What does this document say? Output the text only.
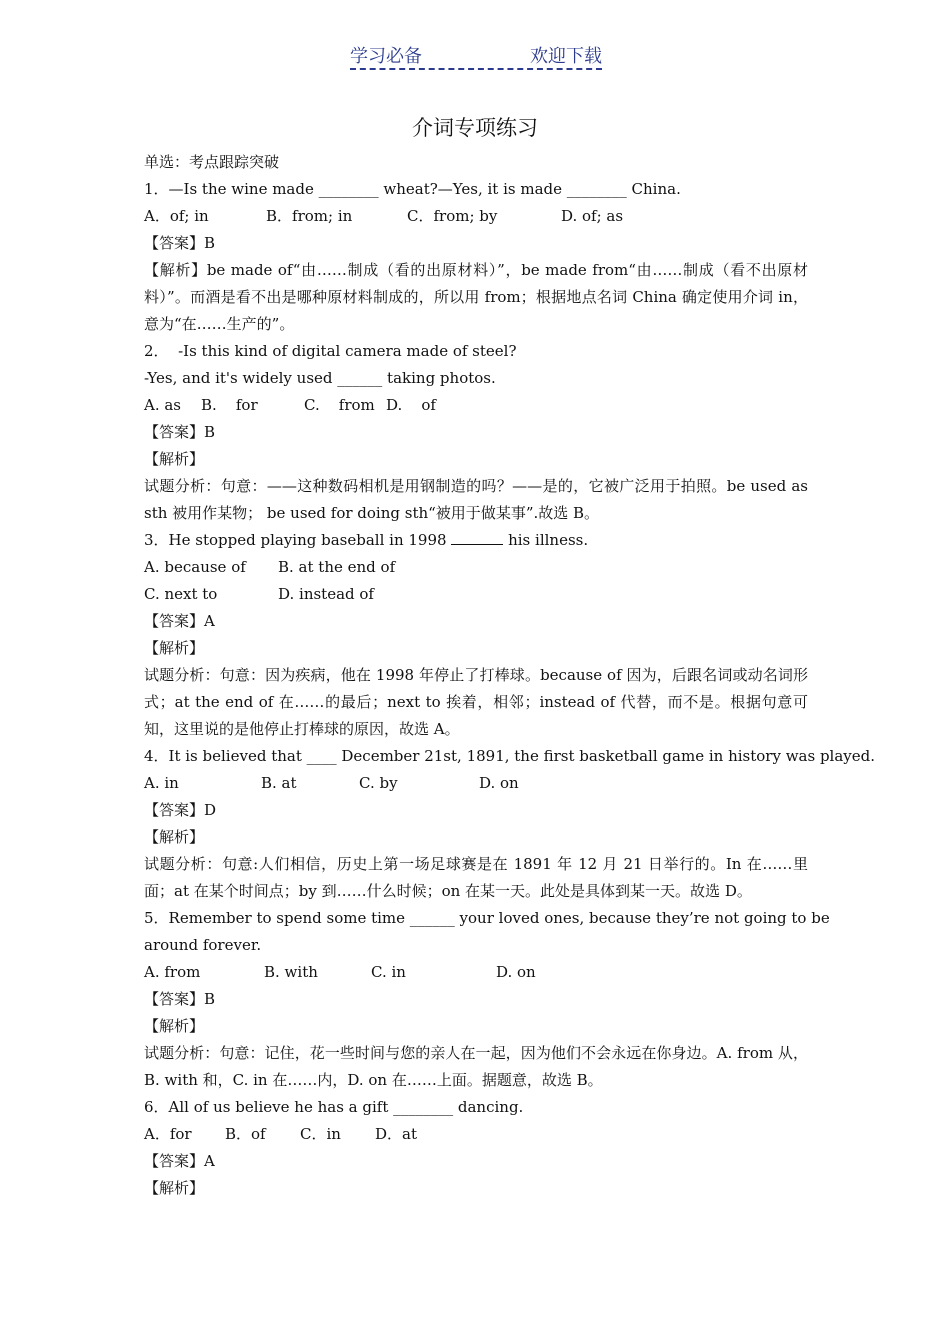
学习必备	欢迎下载
介词专项练习
单选：考点跟踪突破
1．—Is the wine made ________ wheat?—Yes, it is made ________ China.
A．of; in	B．from; in	C．from; by	D. of; as
【答案】B
【解析】be made of“由……制成（看的出原材料）”，be made from“由……制成（看不出原材料）”。而酒是看不出是哪种原材料制成的，所以用 from；根据地点名词 China 确定使用介词 in，意为“在……生产的”。
2．  -Is this kind of digital camera made of steel?
-Yes, and it's widely used ______ taking photos.
A. as	B.    for	C.    from D.    of
【答案】B
【解析】
试题分析：句意：——这种数码相机是用钢制造的吗？——是的，它被广泛用于拍照。be used as sth 被用作某物； be used for doing sth“被用于做某事”.故选 B。
3．He stopped playing baseball in 1998	his illness.
A. because of	B. at the end of
C. next to	D. instead of
【答案】A
【解析】
试题分析：句意：因为疾病，他在 1998 年停止了打棒球。because of 因为，后跟名词或动名词形式；at the end of 在……的最后；next to 挨着，相邻；instead of 代替，而不是。根据句意可知，这里说的是他停止打棒球的原因，故选 A。
4．It is believed that ____ December 21st, 1891, the first basketball game in history was played.
A. in	B. at	C. by	D. on
【答案】D
【解析】
试题分析：句意:人们相信，历史上第一场足球赛是在 1891 年 12 月 21 日举行的。In 在……里面；at 在某个时间点；by 到……什么时候；on 在某一天。此处是具体到某一天。故选 D。
5．Remember to spend some time ______ your loved ones, because they’re not going to be
around forever.
A. from	B. with	C. in	D. on
【答案】B
【解析】
试题分析：句意：记住，花一些时间与您的亲人在一起，因为他们不会永远在你身边。A. from 从， B. with 和，C. in 在……内，D. on 在……上面。据题意，故选 B。
6．All of us believe he has a gift ________ dancing.
A．for	B．of	C．in	D．at
【答案】A
【解析】
